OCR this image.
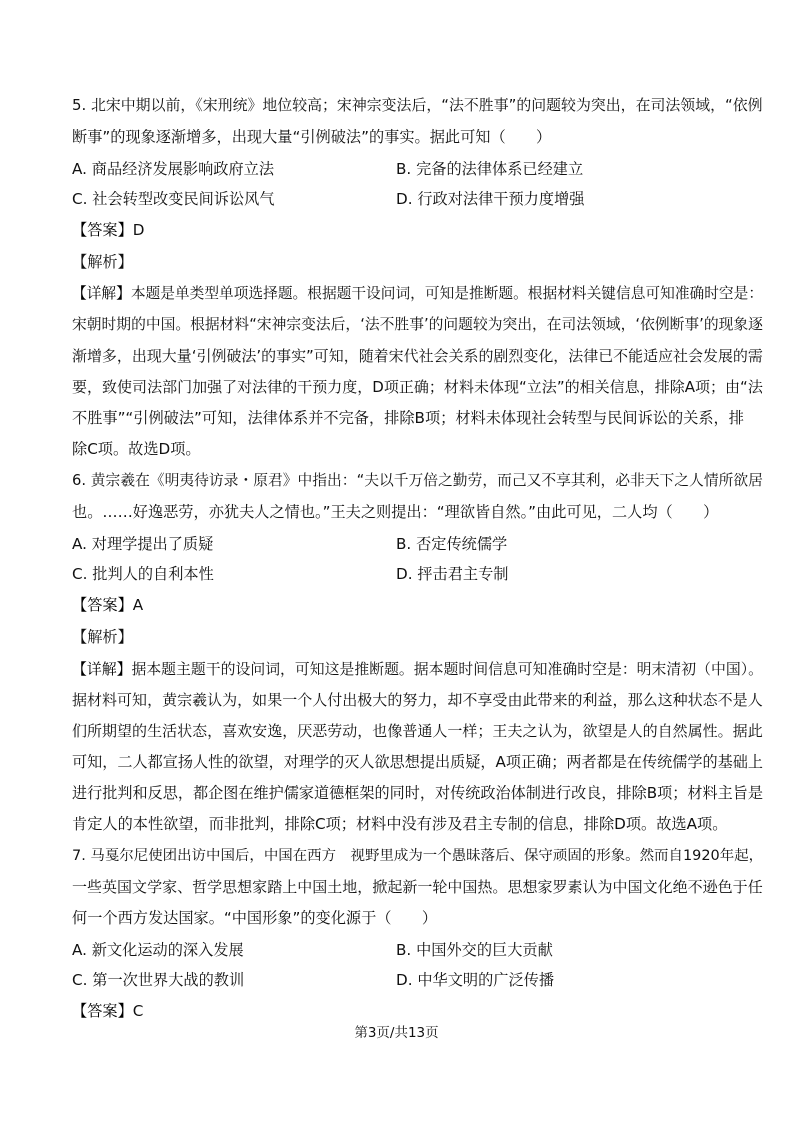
5. 北宋中期以前，《宋刑统》地位较高；宋神宗变法后，“法不胜事”的问题较为突出，在司法领域，“依例
断事”的现象逐渐增多，出现大量“引例破法”的事实。据此可知（　　）
A. 商品经济发展影响政府立法	B. 完备的法律体系已经建立
C. 社会转型改变民间诉讼风气	D. 行政对法律干预力度增强
【答案】D
【解析】
【详解】本题是单类型单项选择题。根据题干设问词，可知是推断题。根据材料关键信息可知准确时空是：
宋朝时期的中国。根据材料“宋神宗变法后，‘法不胜事’的问题较为突出，在司法领域，‘依例断事’的现象逐
渐增多，出现大量‘引例破法’的事实”可知，随着宋代社会关系的剧烈变化，法律已不能适应社会发展的需
要，致使司法部门加强了对法律的干预力度，D项正确；材料未体现“立法”的相关信息，排除A项；由“法
不胜事”“引例破法”可知，法律体系并不完备，排除B项；材料未体现社会转型与民间诉讼的关系，排
除C项。故选D项。
6. 黄宗羲在《明夷待访录・原君》中指出：“夫以千万倍之勤劳，而己又不享其利，必非天下之人情所欲居
也。……好逸恶劳，亦犹夫人之情也。”王夫之则提出：“理欲皆自然。”由此可见，二人均（　　）
A. 对理学提出了质疑	B. 否定传统儒学
C. 批判人的自利本性	D. 抨击君主专制
【答案】A
【解析】
【详解】据本题主题干的设问词，可知这是推断题。据本题时间信息可知准确时空是：明末清初（中国）。
据材料可知，黄宗羲认为，如果一个人付出极大的努力，却不享受由此带来的利益，那么这种状态不是人
们所期望的生活状态，喜欢安逸，厌恶劳动，也像普通人一样；王夫之认为，欲望是人的自然属性。据此
可知，二人都宣扬人性的欲望，对理学的灭人欲思想提出质疑，A项正确；两者都是在传统儒学的基础上
进行批判和反思，都企图在维护儒家道德框架的同时，对传统政治体制进行改良，排除B项；材料主旨是
肯定人的本性欲望，而非批判，排除C项；材料中没有涉及君主专制的信息，排除D项。故选A项。
7. 马戛尔尼使团出访中国后，中国在西方　视野里成为一个愚昧落后、保守顽固的形象。然而自1920年起，
一些英国文学家、哲学思想家踏上中国土地，掀起新一轮中国热。思想家罗素认为中国文化绝不逊色于任
何一个西方发达国家。“中国形象”的变化源于（　　）
A. 新文化运动的深入发展	B. 中国外交的巨大贡献
C. 第一次世界大战的教训	D. 中华文明的广泛传播
【答案】C
第3页/共13页
